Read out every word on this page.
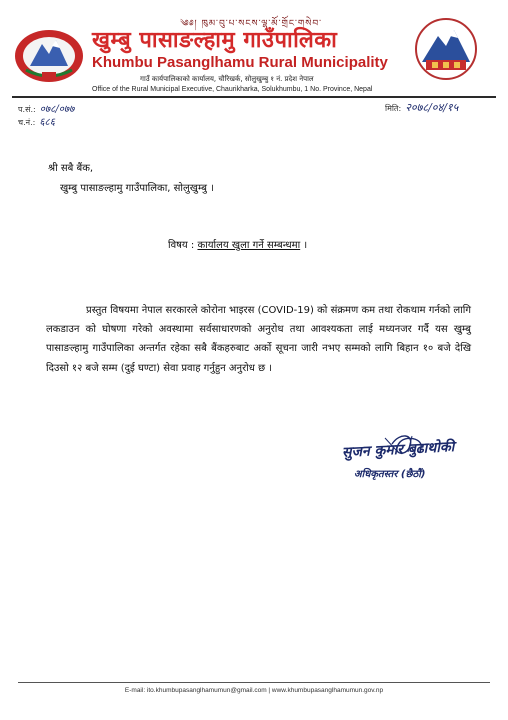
༄༅། ཁུམ་བུ་པ་སངས་ལྷ་མོ་གྲོང་གསེབ་
खुम्बु पासाङल्हामु गाउँपालिका
Khumbu Pasanglhamu Rural Municipality
गाउँ कार्यपालिकाको कार्यालय, चौरिखर्क, सोलुखुम्बु १ नं. प्रदेश नेपाल
Office of the Rural Municipal Executive, Chaurikharka, Solukhumbu, 1 No. Province, Nepal
प.सं.: ०७८/०७७
च.नं.: ६८६
मिति: २०७८/०४/१५
श्री सबै बैंक,
खुम्बु पासाङल्हामु गाउँपालिका, सोलुखुम्बु ।
विषय : कार्यालय खुला गर्ने सम्बन्धमा ।

प्रस्तुत विषयमा नेपाल सरकारले कोरोना भाइरस (COVID-19) को संक्रमण कम तथा रोकथाम गर्नको लागि लकडाउन को घोषणा गरेको अवस्थामा सर्वसाधारणको अनुरोध तथा आवश्यकता लाई मध्यनजर गर्दै यस खुम्बु पासाङल्हामु गाउँपालिका अन्तर्गत रहेका सबै बैंकहरुबाट अर्को सूचना जारी नभए सम्मको लागि बिहान १० बजे देखि दिउसो १२ बजे सम्म (दुई घण्टा) सेवा प्रवाह गर्नुहुन अनुरोध छ ।

सुजन कुमार बुढाथोकी
अधिकृतस्तर (छैठौं)
E-mail: ito.khumbupasanglhamumun@gmail.com | www.khumbupasanglhamumun.gov.np
